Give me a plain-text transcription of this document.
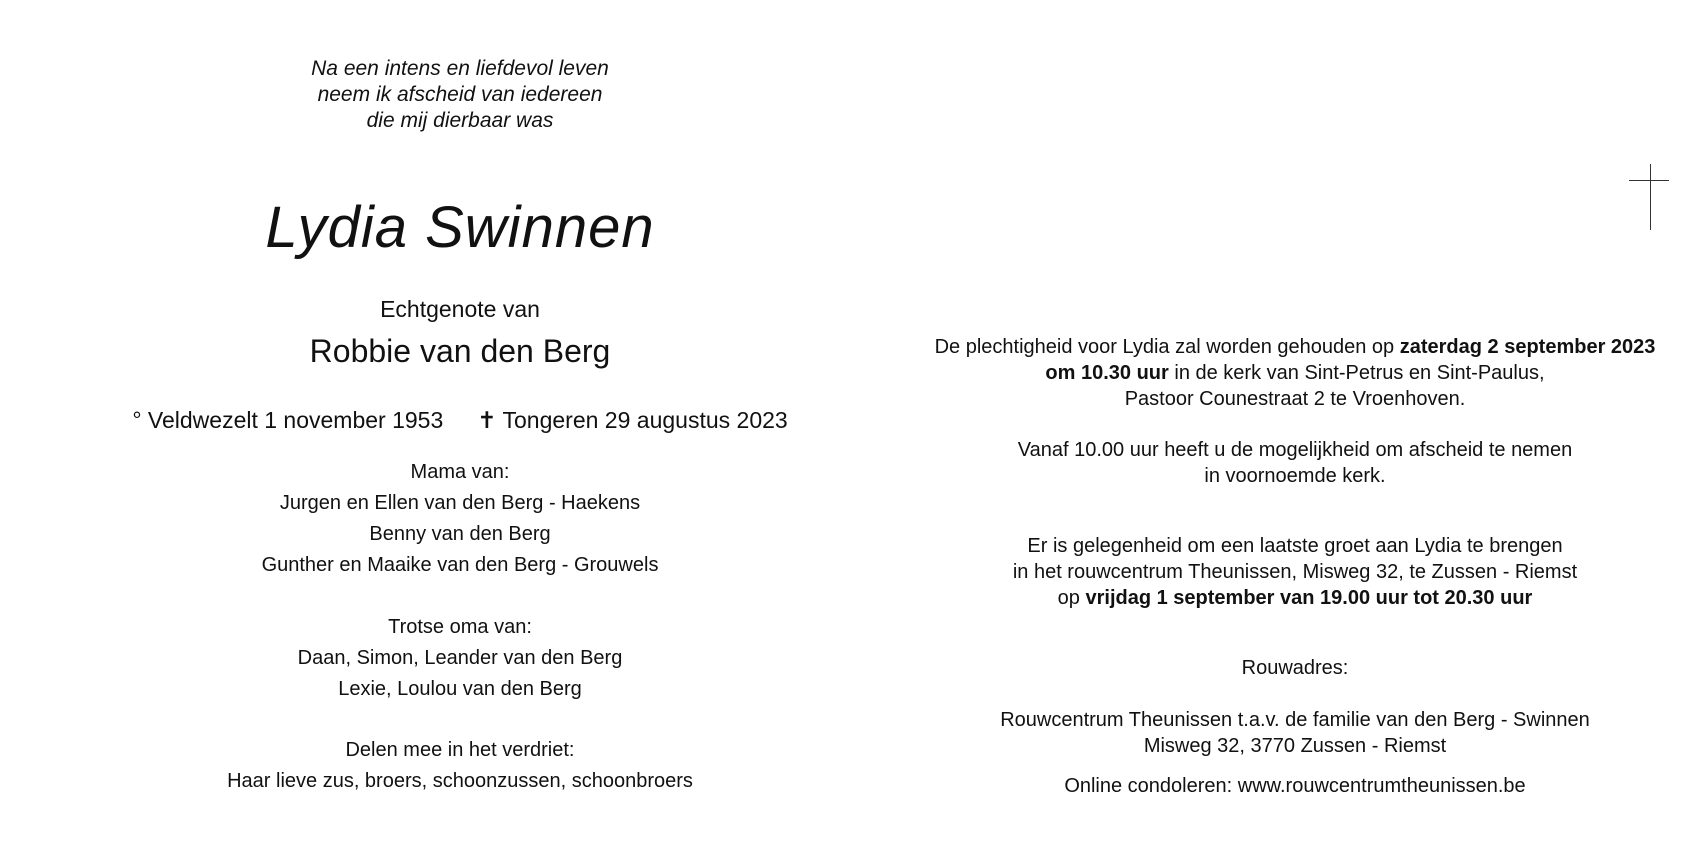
Na een intens en liefdevol leven
neem ik afscheid van iedereen
die mij dierbaar was
Lydia Swinnen
Echtgenote van
Robbie van den Berg
° Veldwezelt 1 november 1953 ✝ Tongeren 29 augustus 2023
Mama van:
Jurgen en Ellen van den Berg - Haekens
Benny van den Berg
Gunther en Maaike van den Berg - Grouwels
Trotse oma van:
Daan, Simon, Leander van den Berg
Lexie, Loulou van den Berg
Delen mee in het verdriet:
Haar lieve zus, broers, schoonzussen, schoonbroers
De plechtigheid voor Lydia zal worden gehouden op zaterdag 2 september 2023
om 10.30 uur in de kerk van Sint-Petrus en Sint-Paulus,
Pastoor Counestraat 2 te Vroenhoven.
Vanaf 10.00 uur heeft u de mogelijkheid om afscheid te nemen
in voornoemde kerk.
Er is gelegenheid om een laatste groet aan Lydia te brengen
in het rouwcentrum Theunissen, Misweg 32, te Zussen - Riemst
op vrijdag 1 september van 19.00 uur tot 20.30 uur
Rouwadres:
Rouwcentrum Theunissen t.a.v. de familie van den Berg - Swinnen
Misweg 32, 3770 Zussen - Riemst
Online condoleren: www.rouwcentrumtheunissen.be
